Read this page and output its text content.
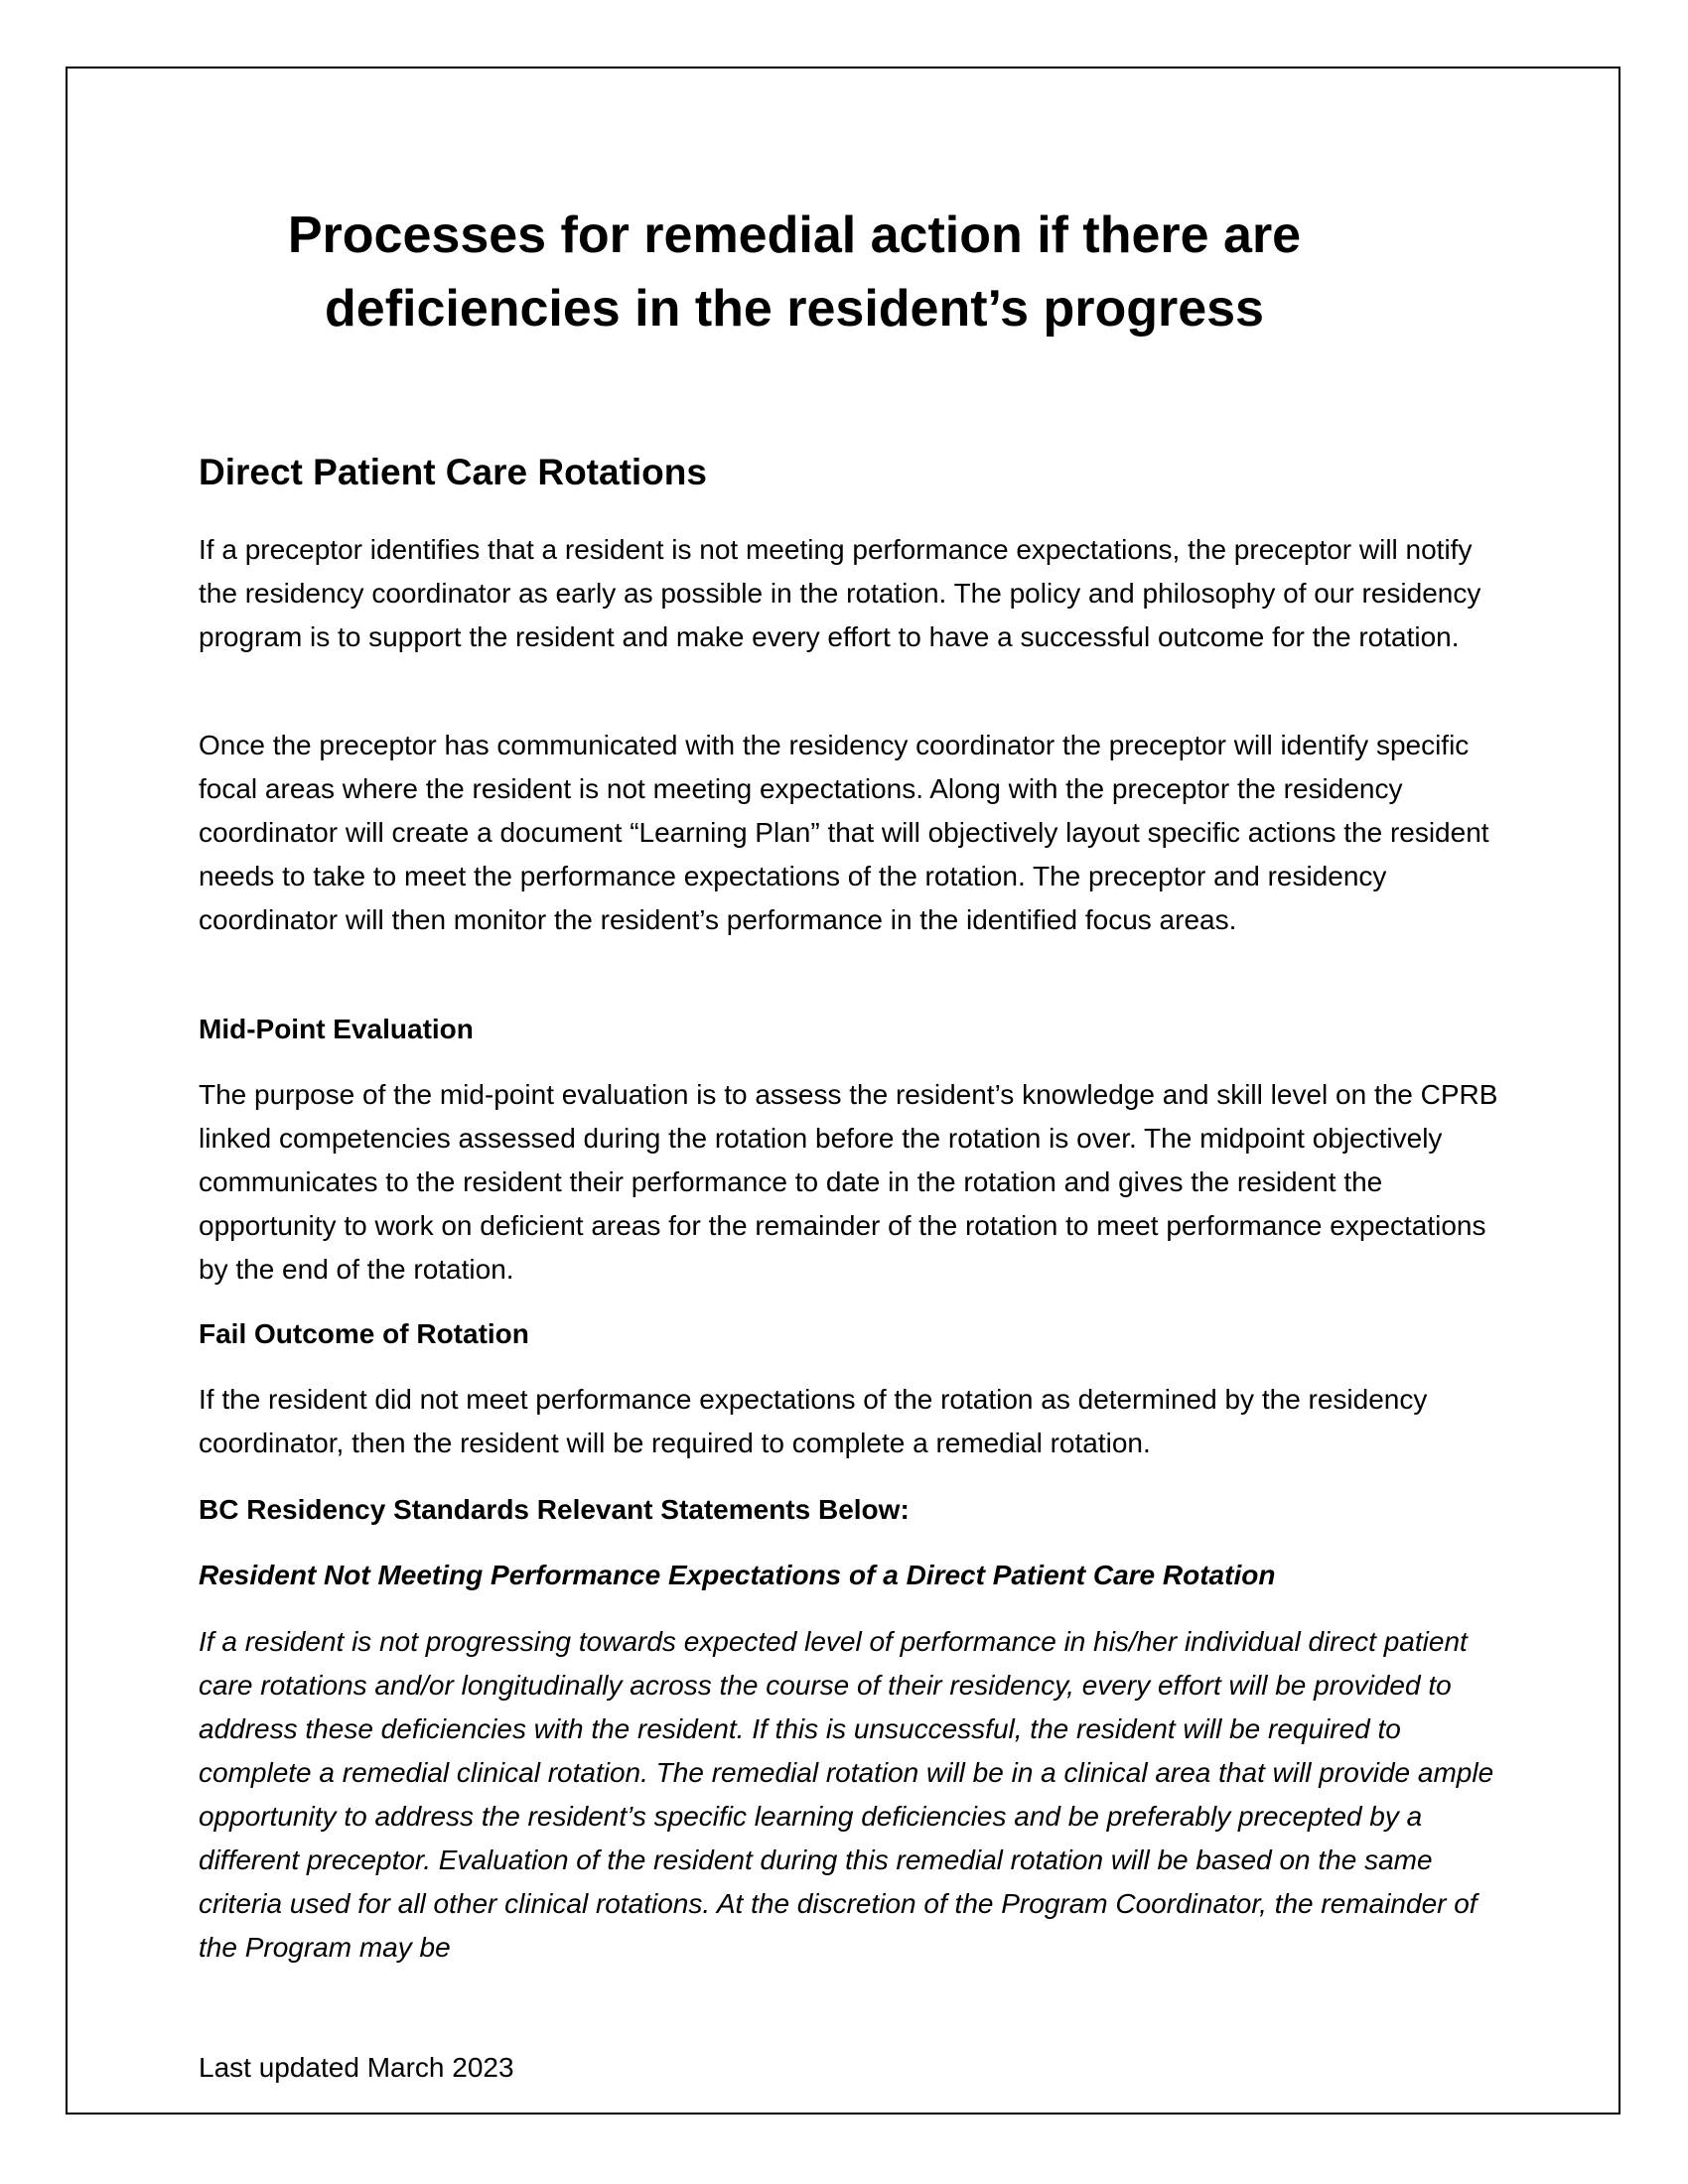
Processes for remedial action if there are
deficiencies in the resident’s progress
Direct Patient Care Rotations

If a preceptor identifies that a resident is not meeting performance expectations, the preceptor will notify the residency coordinator as early as possible in the rotation. The policy and philosophy of our residency program is to support the resident and make every effort to have a successful outcome for the rotation.

Once the preceptor has communicated with the residency coordinator the preceptor will identify specific focal areas where the resident is not meeting expectations. Along with the preceptor the residency coordinator will create a document “Learning Plan” that will objectively layout specific actions the resident needs to take to meet the performance expectations of the rotation. The preceptor and residency coordinator will then monitor the resident’s performance in the identified focus areas.

Mid-Point Evaluation

The purpose of the mid-point evaluation is to assess the resident’s knowledge and skill level on the CPRB linked competencies assessed during the rotation before the rotation is over. The midpoint objectively communicates to the resident their performance to date in the rotation and gives the resident the opportunity to work on deficient areas for the remainder of the rotation to meet performance expectations by the end of the rotation.

Fail Outcome of Rotation

If the resident did not meet performance expectations of the rotation as determined by the residency coordinator, then the resident will be required to complete a remedial rotation.

BC Residency Standards Relevant Statements Below:
Resident Not Meeting Performance Expectations of a Direct Patient Care Rotation

If a resident is not progressing towards expected level of performance in his/her individual direct patient care rotations and/or longitudinally across the course of their residency, every effort will be provided to address these deficiencies with the resident. If this is unsuccessful, the resident will be required to complete a remedial clinical rotation. The remedial rotation will be in a clinical area that will provide ample opportunity to address the resident’s specific learning deficiencies and be preferably precepted by a different preceptor. Evaluation of the resident during this remedial rotation will be based on the same criteria used for all other clinical rotations. At the discretion of the Program Coordinator, the remainder of the Program may be

Last updated March 2023
